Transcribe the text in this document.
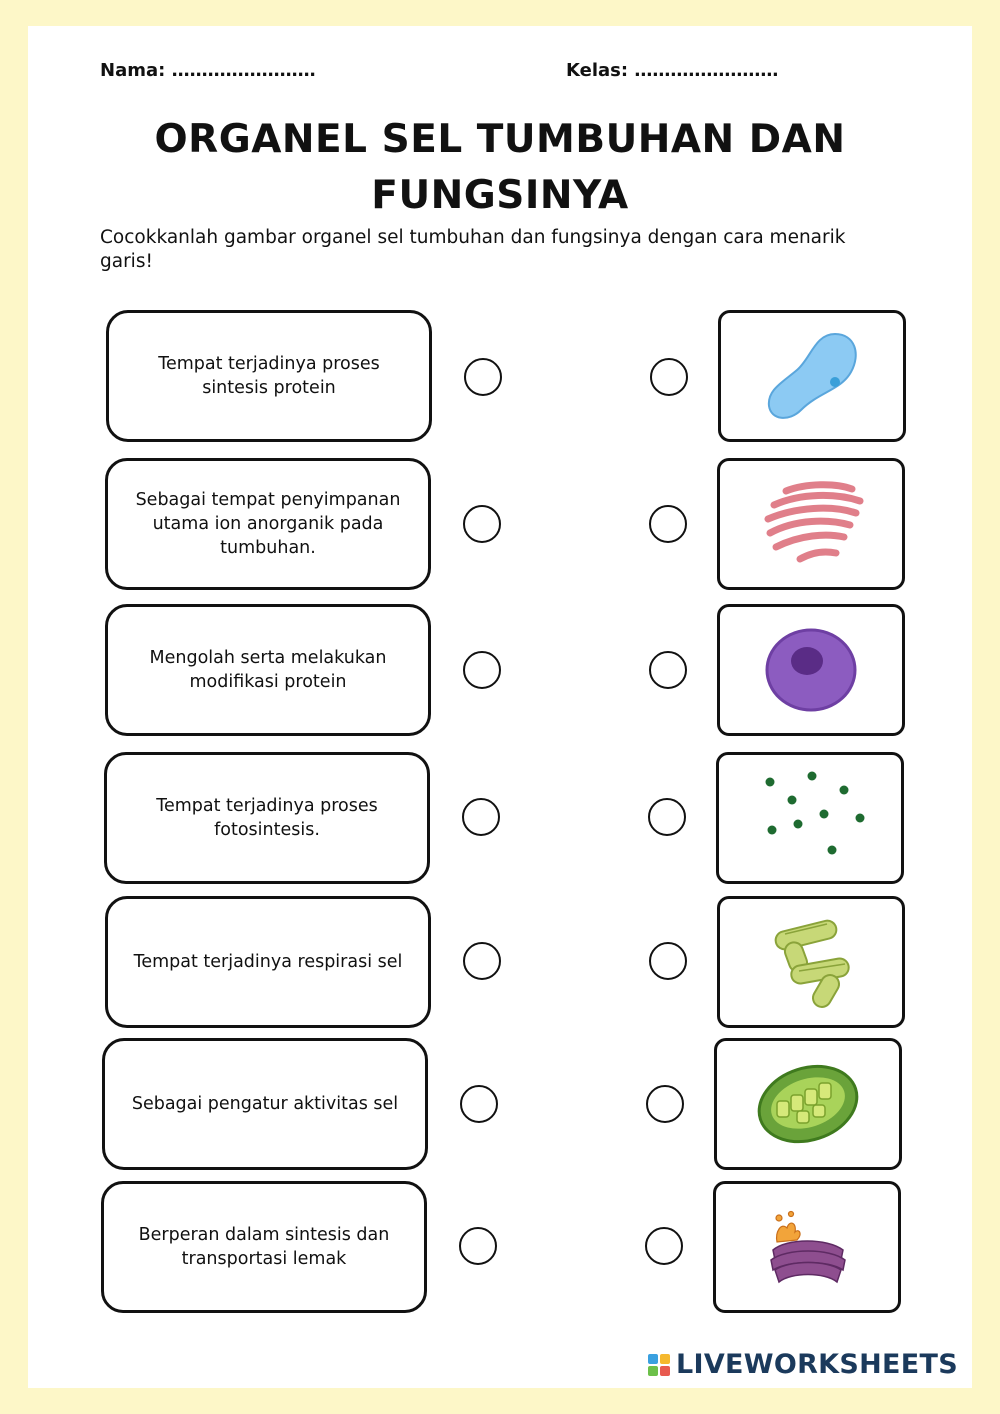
Nama: ……………………	Kelas: ……………………
ORGANEL SEL TUMBUHAN DAN
FUNGSINYA
Cocokkanlah gambar organel sel tumbuhan dan fungsinya dengan cara menarik garis!
Tempat terjadinya proses sintesis protein
Sebagai tempat penyimpanan utama ion anorganik pada tumbuhan.
Mengolah serta melakukan modifikasi protein
Tempat terjadinya proses fotosintesis.
Tempat terjadinya respirasi sel
Sebagai pengatur aktivitas sel
Berperan dalam sintesis dan transportasi lemak
LIVEWORKSHEETS
